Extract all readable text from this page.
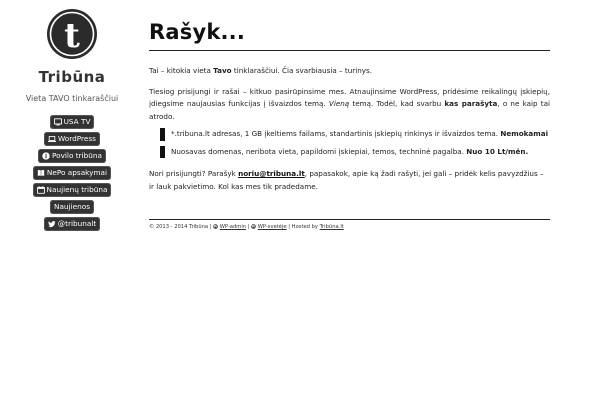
t
Tribūna
Vieta TAVO tinkaraščiui
USA TV
WordPress
Povilo tribūna
NePo apsakymai
Naujienų tribūna
Naujienos
@tribunalt
Rašyk...

Tai – kitokia vieta Tavo tinklaraščiui. Čia svarbiausia – turinys.

Tiesiog prisijungi ir rašai – kitkuo pasirūpinsime mes. Atnaujinsime WordPress, pridėsime reikalingų įskiepių, įdiegsime naujausias funkcijas į išvaizdos temą. Vieną temą. Todėl, kad svarbu kas parašyta, o ne kaip tai atrodo.

*.tribuna.lt adresas, 1 GB įkeltiems failams, standartinis įskiepių rinkinys ir išvaizdos tema. Nemokamai
Nuosavas domenas, neribota vieta, papildomi įskiepiai, temos, techninė pagalba. Nuo 10 Lt/mėn.

Nori prisijungti? Parašyk noriu@tribuna.lt, papasakok, apie ką žadi rašyti, jei gali – pridėk kelis pavyzdžius – ir lauk pakvietimo. Kol kas mes tik pradedame.

© 2013 - 2014 Tribūna | W WP-admin | W WP-svetėje | Hosted by Tribūna.lt
